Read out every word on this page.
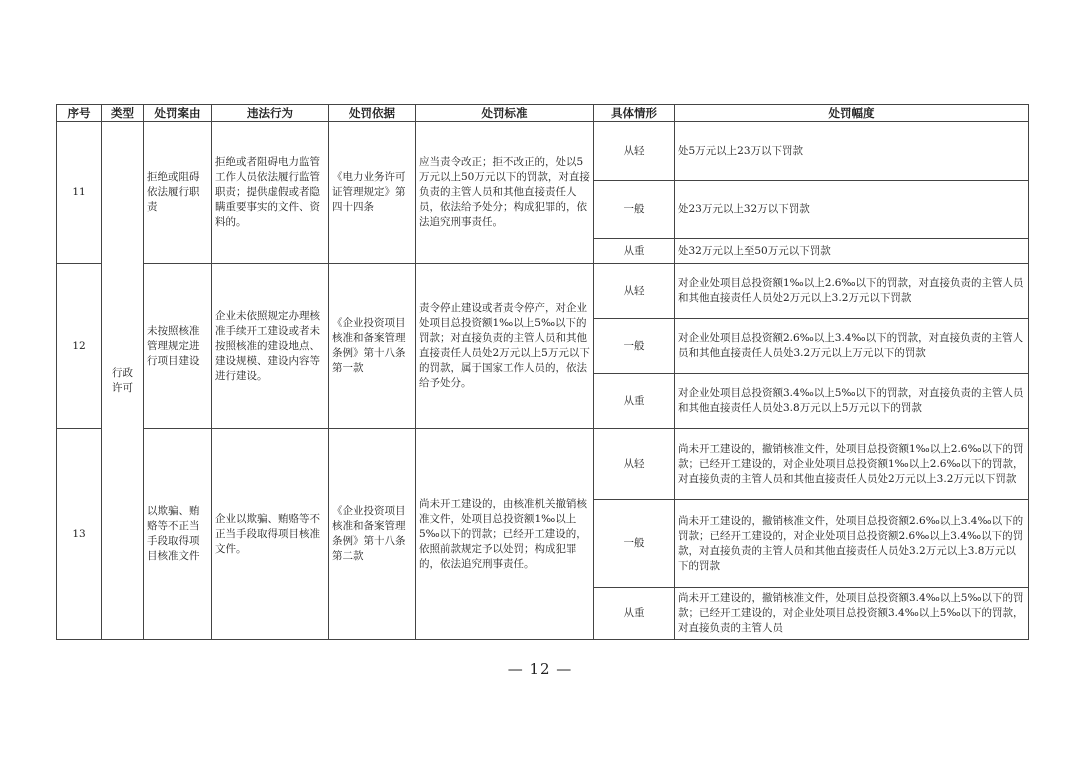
序号	类型	处罚案由	违法行为	处罚依据	处罚标准	具体情形	处罚幅度
11	行政许可	拒绝或阻碍依法履行职责	拒绝或者阻碍电力监管工作人员依法履行监管职责；提供虚假或者隐瞒重要事实的文件、资料的。	《电力业务许可证管理规定》第四十四条	应当责令改正；拒不改正的，处以5万元以上50万元以下的罚款，对直接负责的主管人员和其他直接责任人员，依法给予处分；构成犯罪的，依法追究刑事责任。	从轻	处5万元以上23万以下罚款
						一般	处23万元以上32万以下罚款
						从重	处32万元以上至50万元以下罚款
12		未按照核准管理规定进行项目建设	企业未依照规定办理核准手续开工建设或者未按照核准的建设地点、建设规模、建设内容等进行建设。	《企业投资项目核准和备案管理条例》第十八条第一款	责令停止建设或者责令停产，对企业处项目总投资额1‰以上5‰以下的罚款；对直接负责的主管人员和其他直接责任人员处2万元以上5万元以下的罚款，属于国家工作人员的，依法给予处分。	从轻	对企业处项目总投资额1‰以上2.6‰以下的罚款，对直接负责的主管人员和其他直接责任人员处2万元以上3.2万元以下罚款
						一般	对企业处项目总投资额2.6‰以上3.4‰以下的罚款，对直接负责的主管人员和其他直接责任人员处3.2万元以上万元以下的罚款
						从重	对企业处项目总投资额3.4‰以上5‰以下的罚款，对直接负责的主管人员和其他直接责任人员处3.8万元以上5万元以下的罚款
13		以欺骗、贿赂等不正当手段取得项目核准文件	企业以欺骗、贿赂等不正当手段取得项目核准文件。	《企业投资项目核准和备案管理条例》第十八条第二款	尚未开工建设的，由核准机关撤销核准文件，处项目总投资额1‰以上5‰以下的罚款；已经开工建设的，依照前款规定予以处罚；构成犯罪的，依法追究刑事责任。	从轻	尚未开工建设的，撤销核准文件，处项目总投资额1‰以上2.6‰以下的罚款；已经开工建设的，对企业处项目总投资额1‰以上2.6‰以下的罚款，对直接负责的主管人员和其他直接责任人员处2万元以上3.2万元以下罚款
						一般	尚未开工建设的，撤销核准文件，处项目总投资额2.6‰以上3.4‰以下的罚款；已经开工建设的，对企业处项目总投资额2.6‰以上3.4‰以下的罚款，对直接负责的主管人员和其他直接责任人员处3.2万元以上3.8万元以下的罚款
						从重	尚未开工建设的，撤销核准文件，处项目总投资额3.4‰以上5‰以下的罚款；已经开工建设的，对企业处项目总投资额3.4‰以上5‰以下的罚款，对直接负责的主管人员
— 12 —
